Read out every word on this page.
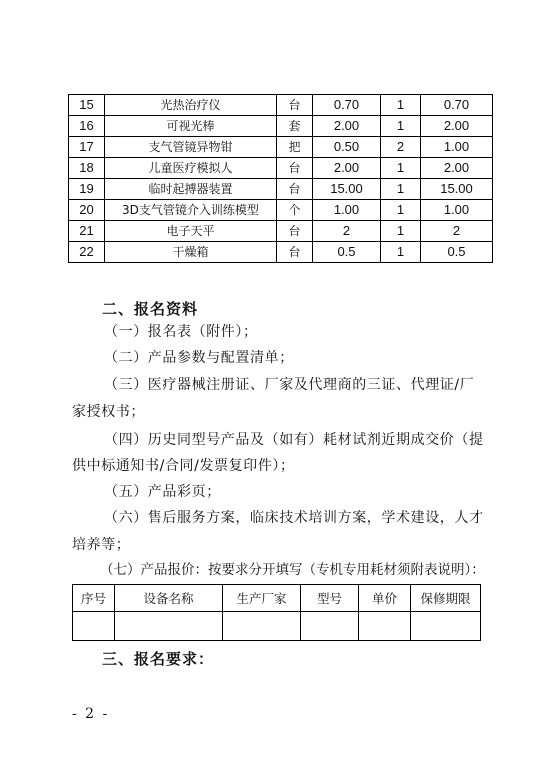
15	光热治疗仪	台	0.70	1	0.70
16	可视光棒	套	2.00	1	2.00
17	支气管镜异物钳	把	0.50	2	1.00
18	儿童医疗模拟人	台	2.00	1	2.00
19	临时起搏器装置	台	15.00	1	15.00
20	3D支气管镜介入训练模型	个	1.00	1	1.00
21	电子天平	台	2	1	2
22	干燥箱	台	0.5	1	0.5
二、报名资料
（一）报名表（附件）；
（二）产品参数与配置清单；
（三）医疗器械注册证、厂家及代理商的三证、代理证/厂
家授权书；
（四）历史同型号产品及（如有）耗材试剂近期成交价（提
供中标通知书/合同/发票复印件）；
（五）产品彩页；
（六）售后服务方案，临床技术培训方案，学术建设，人才
培养等；
（七）产品报价：按要求分开填写（专机专用耗材须附表说明）：
序号	设备名称	生产厂家	型号	单价	保修期限

三、报名要求：
- 2 -
